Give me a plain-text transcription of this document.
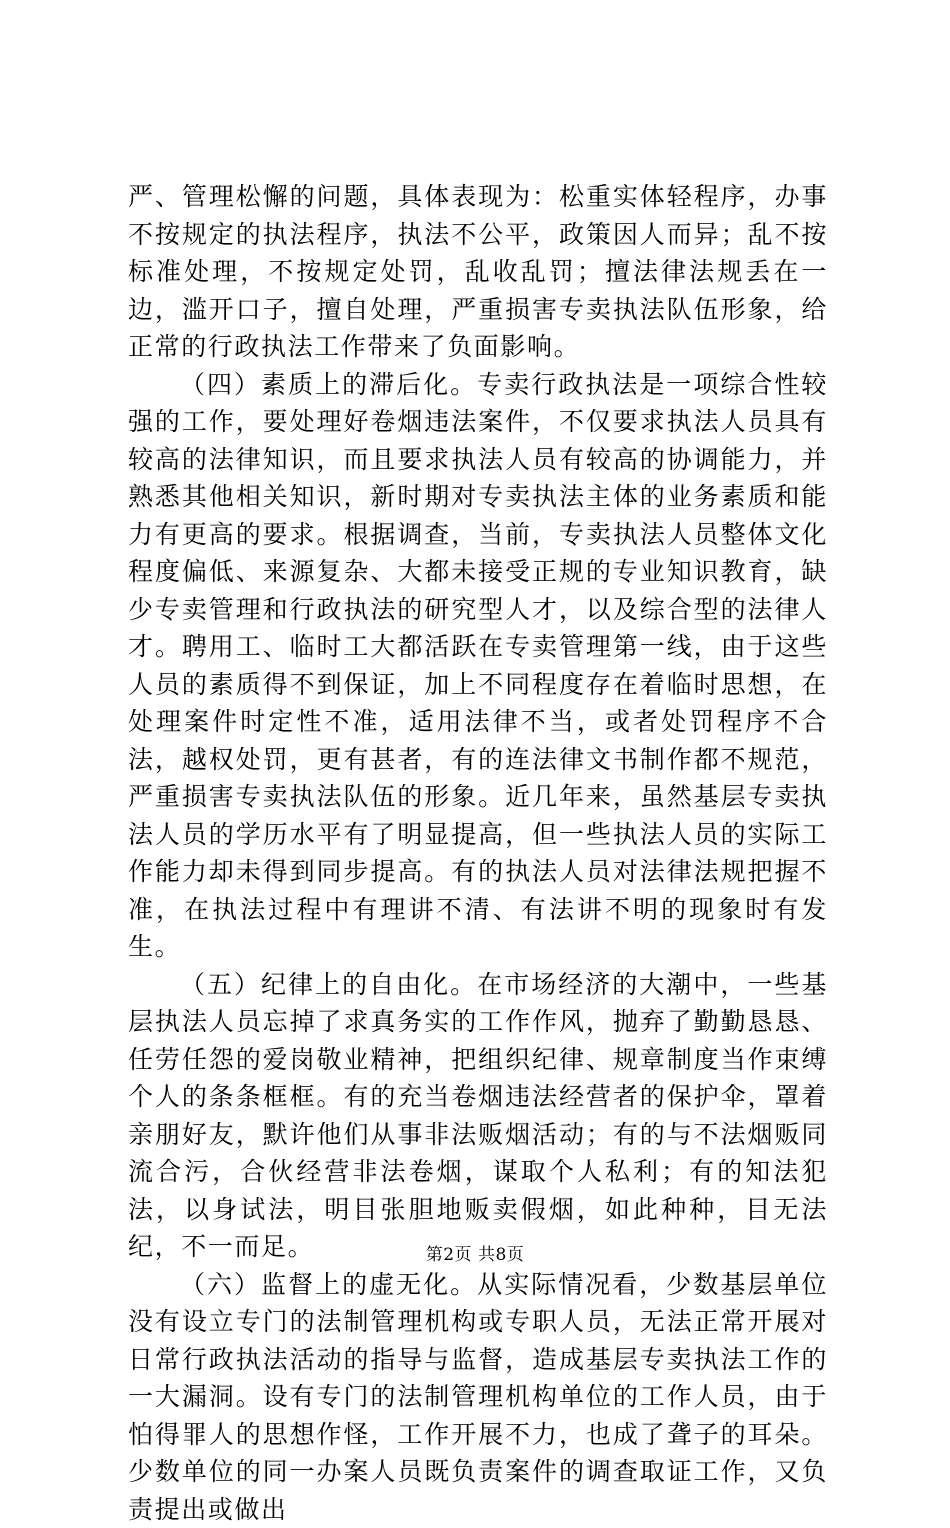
严、管理松懈的问题，具体表现为：松重实体轻程序，办事不按规定的执法程序，执法不公平，政策因人而异；乱不按标准处理，不按规定处罚，乱收乱罚；擅法律法规丢在一边，滥开口子，擅自处理，严重损害专卖执法队伍形象，给正常的行政执法工作带来了负面影响。

（四）素质上的滞后化。专卖行政执法是一项综合性较强的工作，要处理好卷烟违法案件，不仅要求执法人员具有较高的法律知识，而且要求执法人员有较高的协调能力，并熟悉其他相关知识，新时期对专卖执法主体的业务素质和能力有更高的要求。根据调查，当前，专卖执法人员整体文化程度偏低、来源复杂、大都未接受正规的专业知识教育，缺少专卖管理和行政执法的研究型人才，以及综合型的法律人才。聘用工、临时工大都活跃在专卖管理第一线，由于这些人员的素质得不到保证，加上不同程度存在着临时思想，在处理案件时定性不准，适用法律不当，或者处罚程序不合法，越权处罚，更有甚者，有的连法律文书制作都不规范，严重损害专卖执法队伍的形象。近几年来，虽然基层专卖执法人员的学历水平有了明显提高，但一些执法人员的实际工作能力却未得到同步提高。有的执法人员对法律法规把握不准，在执法过程中有理讲不清、有法讲不明的现象时有发生。

（五）纪律上的自由化。在市场经济的大潮中，一些基层执法人员忘掉了求真务实的工作作风，抛弃了勤勤恳恳、任劳任怨的爱岗敬业精神，把组织纪律、规章制度当作束缚个人的条条框框。有的充当卷烟违法经营者的保护伞，罩着亲朋好友，默许他们从事非法贩烟活动；有的与不法烟贩同流合污，合伙经营非法卷烟，谋取个人私利；有的知法犯法，以身试法，明目张胆地贩卖假烟，如此种种，目无法纪，不一而足。

（六）监督上的虚无化。从实际情况看，少数基层单位没有设立专门的法制管理机构或专职人员，无法正常开展对日常行政执法活动的指导与监督，造成基层专卖执法工作的一大漏洞。设有专门的法制管理机构单位的工作人员，由于怕得罪人的思想作怪，工作开展不力，也成了聋子的耳朵。少数单位的同一办案人员既负责案件的调查取证工作，又负责提出或做出

第2页 共8页
